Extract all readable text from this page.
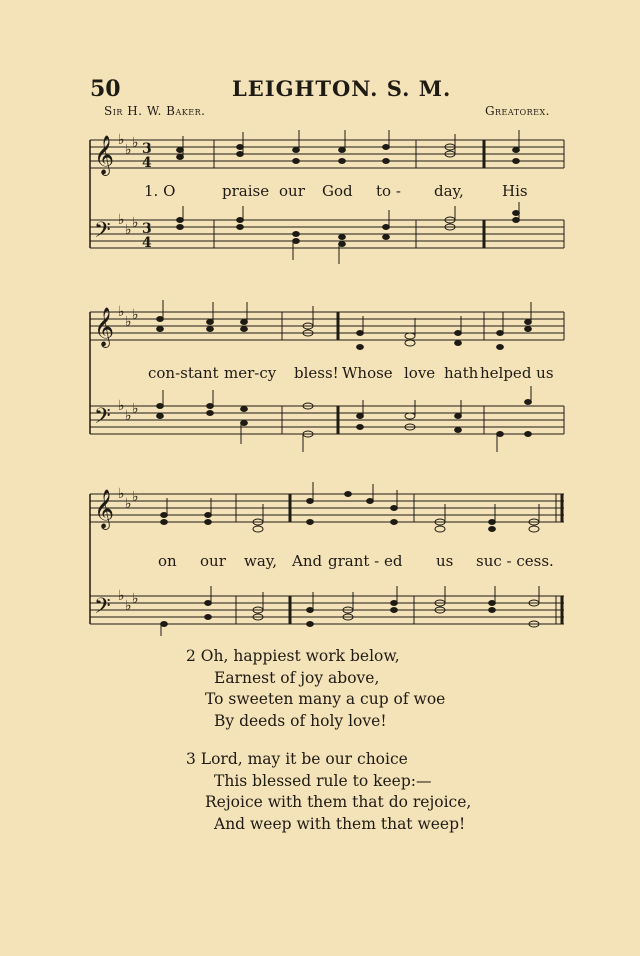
50	LEIGHTON. S. M.
Sir H. W. Baker.	Greatorex.
𝄞
𝄢
♭
♭ ♭
♭
♭ ♭
3
4
3
4
1. O	praise our God to - day,	His
𝄞
𝄢
♭
♭ ♭
♭
♭ ♭
con-stant mer-cy bless! Whose love hath helped us
𝄞
𝄢
♭
♭ ♭
♭
♭ ♭
on our way, And grant - ed us suc - cess.
2 Oh, happiest work below,
Earnest of joy above,
To sweeten many a cup of woe
By deeds of holy love!
3 Lord, may it be our choice
This blessed rule to keep:—
Rejoice with them that do rejoice,
And weep with them that weep!
